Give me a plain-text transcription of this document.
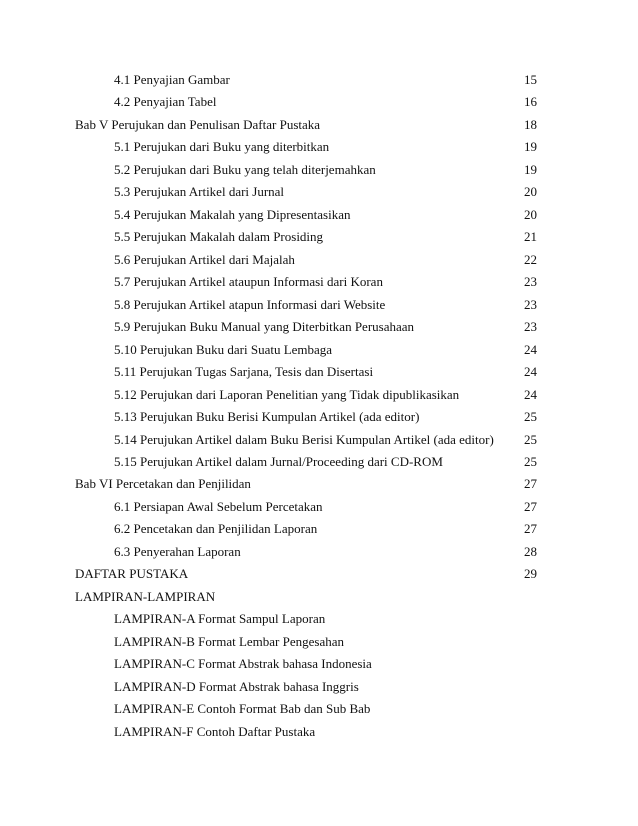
4.1 Penyajian Gambar	15
4.2 Penyajian Tabel	16
Bab V Perujukan dan Penulisan Daftar Pustaka	18
5.1 Perujukan dari Buku yang diterbitkan	19
5.2 Perujukan dari Buku yang telah diterjemahkan	19
5.3 Perujukan Artikel dari Jurnal	20
5.4 Perujukan Makalah yang Dipresentasikan	20
5.5 Perujukan Makalah dalam Prosiding	21
5.6 Perujukan Artikel dari Majalah	22
5.7 Perujukan Artikel ataupun Informasi dari Koran	23
5.8 Perujukan Artikel atapun Informasi dari Website	23
5.9 Perujukan Buku Manual yang Diterbitkan Perusahaan	23
5.10 Perujukan Buku dari Suatu Lembaga	24
5.11 Perujukan Tugas Sarjana, Tesis dan Disertasi	24
5.12 Perujukan dari Laporan Penelitian yang Tidak dipublikasikan	24
5.13 Perujukan Buku Berisi Kumpulan Artikel (ada editor)	25
5.14 Perujukan Artikel dalam Buku Berisi Kumpulan Artikel (ada editor) 25
5.15 Perujukan Artikel dalam Jurnal/Proceeding dari CD-ROM	25
Bab VI Percetakan dan Penjilidan	27
6.1 Persiapan Awal Sebelum Percetakan	27
6.2 Pencetakan dan Penjilidan Laporan	27
6.3 Penyerahan Laporan	28
DAFTAR PUSTAKA	29
LAMPIRAN-LAMPIRAN
LAMPIRAN-A Format Sampul Laporan
LAMPIRAN-B Format Lembar Pengesahan
LAMPIRAN-C Format Abstrak bahasa Indonesia
LAMPIRAN-D Format Abstrak bahasa Inggris
LAMPIRAN-E Contoh Format Bab dan Sub Bab
LAMPIRAN-F Contoh Daftar Pustaka
